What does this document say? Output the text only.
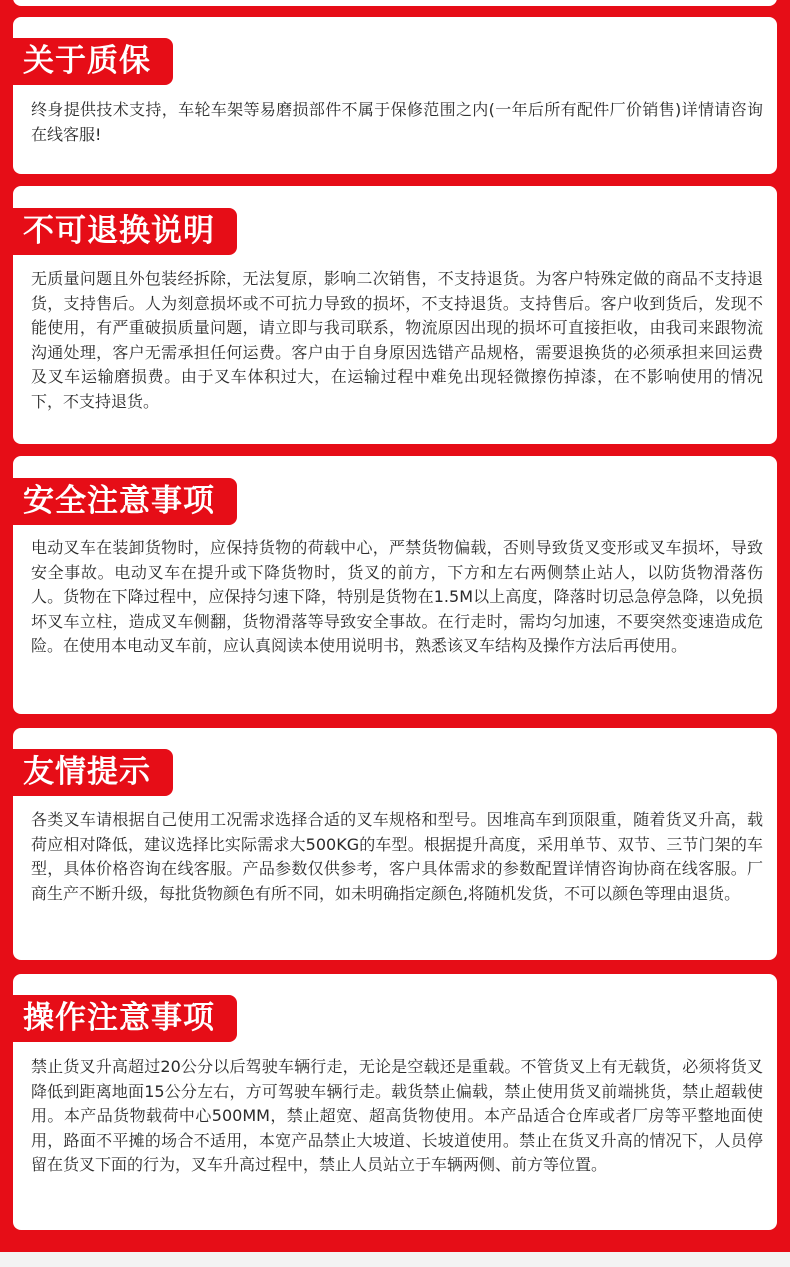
关于质保
终身提供技术支持，车轮车架等易磨损部件不属于保修范围之内(一年后所有配件厂价销售)详情请咨询在线客服!
不可退换说明
无质量问题且外包装经拆除，无法复原，影响二次销售，不支持退货。为客户特殊定做的商品不支持退货，支持售后。人为刻意损坏或不可抗力导致的损坏，不支持退货。支持售后。客户收到货后，发现不能使用，有严重破损质量问题，请立即与我司联系，物流原因出现的损坏可直接拒收，由我司来跟物流沟通处理，客户无需承担任何运费。客户由于自身原因选错产品规格，需要退换货的必须承担来回运费及叉车运输磨损费。由于叉车体积过大，在运输过程中难免出现轻微擦伤掉漆，在不影响使用的情况下，不支持退货。
安全注意事项
电动叉车在装卸货物时，应保持货物的荷载中心，严禁货物偏载，否则导致货叉变形或叉车损坏，导致安全事故。电动叉车在提升或下降货物时，货叉的前方，下方和左右两侧禁止站人，以防货物滑落伤人。货物在下降过程中，应保持匀速下降，特别是货物在1.5M以上高度，降落时切忌急停急降，以免损坏叉车立柱，造成叉车侧翻，货物滑落等导致安全事故。在行走时，需均匀加速，不要突然变速造成危险。在使用本电动叉车前，应认真阅读本使用说明书，熟悉该叉车结构及操作方法后再使用。
友情提示
各类叉车请根据自己使用工况需求选择合适的叉车规格和型号。因堆高车到顶限重，随着货叉升高，载荷应相对降低，建议选择比实际需求大500KG的车型。根据提升高度，采用单节、双节、三节门架的车型，具体价格咨询在线客服。产品参数仅供参考，客户具体需求的参数配置详情咨询协商在线客服。厂商生产不断升级，每批货物颜色有所不同，如未明确指定颜色,将随机发货，不可以颜色等理由退货。
操作注意事项
禁止货叉升高超过20公分以后驾驶车辆行走，无论是空载还是重载。不管货叉上有无载货，必须将货叉降低到距离地面15公分左右，方可驾驶车辆行走。载货禁止偏载，禁止使用货叉前端挑货，禁止超载使用。本产品货物载荷中心500MM，禁止超宽、超高货物使用。本产品适合仓库或者厂房等平整地面使用，路面不平摊的场合不适用，本宽产品禁止大坡道、长坡道使用。禁止在货叉升高的情况下，人员停留在货叉下面的行为，叉车升高过程中，禁止人员站立于车辆两侧、前方等位置。
